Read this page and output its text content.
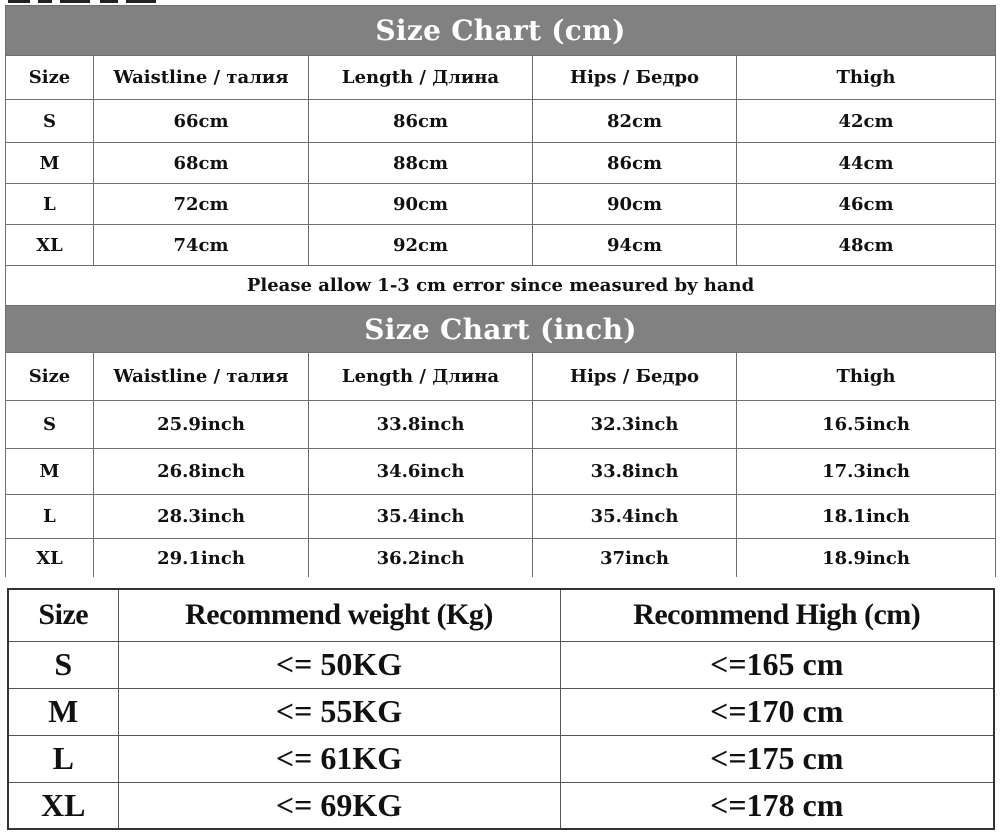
Size Chart (cm)				
Size	Waistline / талия	Length / Длина	Hips / Бедро	Thigh
S	66cm	86cm	82cm	42cm
M	68cm	88cm	86cm	44cm
L	72cm	90cm	90cm	46cm
XL	74cm	92cm	94cm	48cm
Please allow 1-3 cm error since measured by hand				
Size Chart (inch)				
Size	Waistline / талия	Length / Длина	Hips / Бедро	Thigh
S	25.9inch	33.8inch	32.3inch	16.5inch
M	26.8inch	34.6inch	33.8inch	17.3inch
L	28.3inch	35.4inch	35.4inch	18.1inch
XL	29.1inch	36.2inch	37inch	18.9inch
Size	Recommend weight (Kg)	Recommend High (cm)
S	<= 50KG	<=165 cm
M	<= 55KG	<=170 cm
L	<= 61KG	<=175 cm
XL	<= 69KG	<=178 cm
